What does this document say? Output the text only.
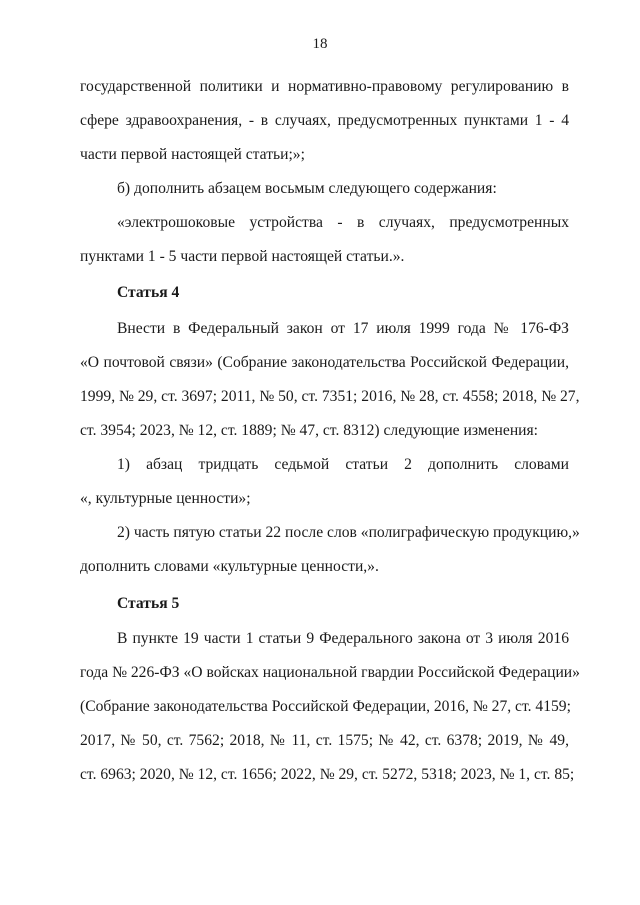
18
государственной политики и нормативно-правовому регулированию в
сфере здравоохранения, - в случаях, предусмотренных пунктами 1 - 4
части первой настоящей статьи;»;
б) дополнить абзацем восьмым следующего содержания:
«электрошоковые устройства - в случаях, предусмотренных
пунктами 1 - 5 части первой настоящей статьи.».
Статья 4
Внести в Федеральный закон от 17 июля 1999 года № 176-ФЗ
«О почтовой связи» (Собрание законодательства Российской Федерации,
1999, № 29, ст. 3697; 2011, № 50, ст. 7351; 2016, № 28, ст. 4558; 2018, № 27,
ст. 3954; 2023, № 12, ст. 1889; № 47, ст. 8312) следующие изменения:
1) абзац тридцать седьмой статьи 2 дополнить словами
«, культурные ценности»;
2) часть пятую статьи 22 после слов «полиграфическую продукцию,»
дополнить словами «культурные ценности,».
Статья 5
В пункте 19 части 1 статьи 9 Федерального закона от 3 июля 2016
года № 226-ФЗ «О войсках национальной гвардии Российской Федерации»
(Собрание законодательства Российской Федерации, 2016, № 27, ст. 4159;
2017, № 50, ст. 7562; 2018, № 11, ст. 1575; № 42, ст. 6378; 2019, № 49,
ст. 6963; 2020, № 12, ст. 1656; 2022, № 29, ст. 5272, 5318; 2023, № 1, ст. 85;
